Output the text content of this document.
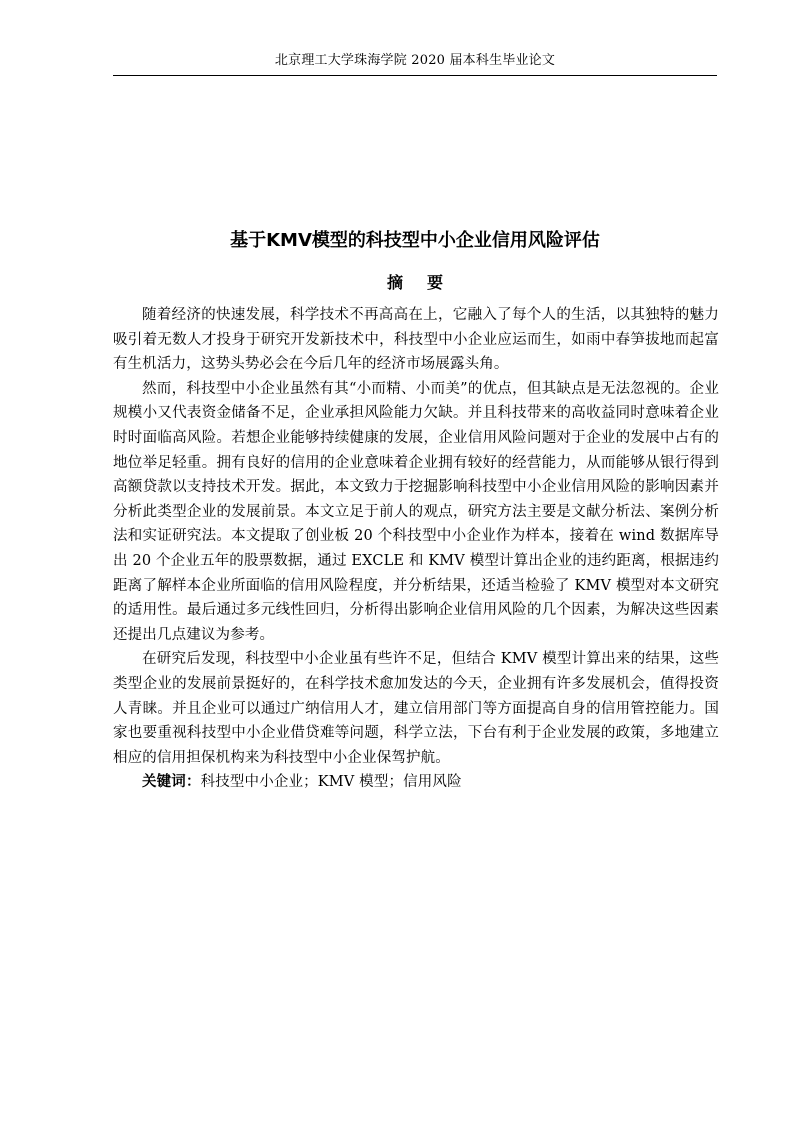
北京理工大学珠海学院 2020 届本科生毕业论文
基于KMV模型的科技型中小企业信用风险评估
摘要

随着经济的快速发展，科学技术不再高高在上，它融入了每个人的生活，以其独特的魅力吸引着无数人才投身于研究开发新技术中，科技型中小企业应运而生，如雨中春笋拔地而起富有生机活力，这势头势必会在今后几年的经济市场展露头角。

然而，科技型中小企业虽然有其“小而精、小而美”的优点，但其缺点是无法忽视的。企业规模小又代表资金储备不足，企业承担风险能力欠缺。并且科技带来的高收益同时意味着企业时时面临高风险。若想企业能够持续健康的发展，企业信用风险问题对于企业的发展中占有的地位举足轻重。拥有良好的信用的企业意味着企业拥有较好的经营能力，从而能够从银行得到高额贷款以支持技术开发。据此，本文致力于挖掘影响科技型中小企业信用风险的影响因素并分析此类型企业的发展前景。本文立足于前人的观点，研究方法主要是文献分析法、案例分析法和实证研究法。本文提取了创业板 20 个科技型中小企业作为样本，接着在 wind 数据库导出 20 个企业五年的股票数据，通过 EXCLE 和 KMV 模型计算出企业的违约距离，根据违约距离了解样本企业所面临的信用风险程度，并分析结果，还适当检验了 KMV 模型对本文研究的适用性。最后通过多元线性回归，分析得出影响企业信用风险的几个因素，为解决这些因素还提出几点建议为参考。

在研究后发现，科技型中小企业虽有些许不足，但结合 KMV 模型计算出来的结果，这些类型企业的发展前景挺好的，在科学技术愈加发达的今天，企业拥有许多发展机会，值得投资人青睐。并且企业可以通过广纳信用人才，建立信用部门等方面提高自身的信用管控能力。国家也要重视科技型中小企业借贷难等问题，科学立法，下台有利于企业发展的政策，多地建立相应的信用担保机构来为科技型中小企业保驾护航。

关键词：科技型中小企业；KMV 模型；信用风险
